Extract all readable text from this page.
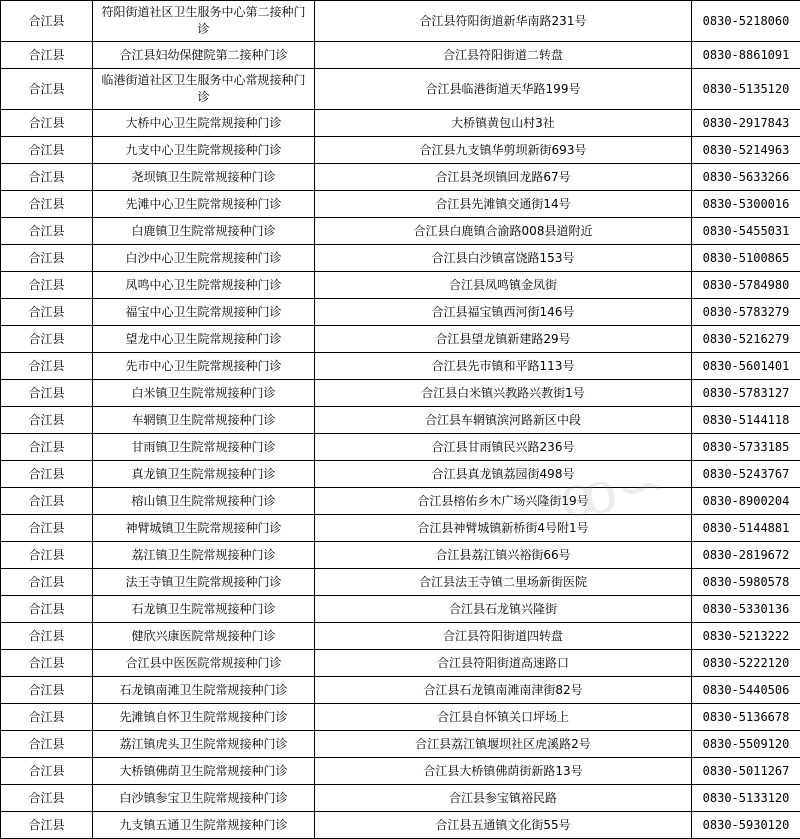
合江县	符阳街道社区卫生服务中心第二接种门诊	合江县符阳街道新华南路231号	0830-5218060
合江县	合江县妇幼保健院第二接种门诊	合江县符阳街道二转盘	0830-8861091
合江县	临港街道社区卫生服务中心常规接种门诊	合江县临港街道天华路199号	0830-5135120
合江县	大桥中心卫生院常规接种门诊	大桥镇黄包山村3社	0830-2917843
合江县	九支中心卫生院常规接种门诊	合江县九支镇华剪坝新街693号	0830-5214963
合江县	尧坝镇卫生院常规接种门诊	合江县尧坝镇回龙路67号	0830-5633266
合江县	先滩中心卫生院常规接种门诊	合江县先滩镇交通街14号	0830-5300016
合江县	白鹿镇卫生院常规接种门诊	合江县白鹿镇合渝路008县道附近	0830-5455031
合江县	白沙中心卫生院常规接种门诊	合江县白沙镇富饶路153号	0830-5100865
合江县	凤鸣中心卫生院常规接种门诊	合江县凤鸣镇金凤街	0830-5784980
合江县	福宝中心卫生院常规接种门诊	合江县福宝镇西河街146号	0830-5783279
合江县	望龙中心卫生院常规接种门诊	合江县望龙镇新建路29号	0830-5216279
合江县	先市中心卫生院常规接种门诊	合江县先市镇和平路113号	0830-5601401
合江县	白米镇卫生院常规接种门诊	合江县白米镇兴教路兴教街1号	0830-5783127
合江县	车辋镇卫生院常规接种门诊	合江县车辋镇滨河路新区中段	0830-5144118
合江县	甘雨镇卫生院常规接种门诊	合江县甘雨镇民兴路236号	0830-5733185
合江县	真龙镇卫生院常规接种门诊	合江县真龙镇荔园街498号	0830-5243767
合江县	榕山镇卫生院常规接种门诊	合江县榕佑乡木广场兴隆街19号	0830-8900204
合江县	神臂城镇卫生院常规接种门诊	合江县神臂城镇新桥街4号附1号	0830-5144881
合江县	荔江镇卫生院常规接种门诊	合江县荔江镇兴裕街66号	0830-2819672
合江县	法王寺镇卫生院常规接种门诊	合江县法王寺镇二里场新街医院	0830-5980578
合江县	石龙镇卫生院常规接种门诊	合江县石龙镇兴隆街	0830-5330136
合江县	健欣兴康医院常规接种门诊	合江县符阳街道四转盘	0830-5213222
合江县	合江县中医医院常规接种门诊	合江县符阳街道高速路口	0830-5222120
合江县	石龙镇南滩卫生院常规接种门诊	合江县石龙镇南滩南津街82号	0830-5440506
合江县	先滩镇自怀卫生院常规接种门诊	合江县自怀镇关口坪场上	0830-5136678
合江县	荔江镇虎头卫生院常规接种门诊	合江县荔江镇堰坝社区虎溪路2号	0830-5509120
合江县	大桥镇佛荫卫生院常规接种门诊	合江县大桥镇佛荫街新路13号	0830-5011267
合江县	白沙镇参宝卫生院常规接种门诊	合江县参宝镇裕民路	0830-5133120
合江县	九支镇五通卫生院常规接种门诊	合江县五通镇文化街55号	0830-5930120
ꝏ∽
